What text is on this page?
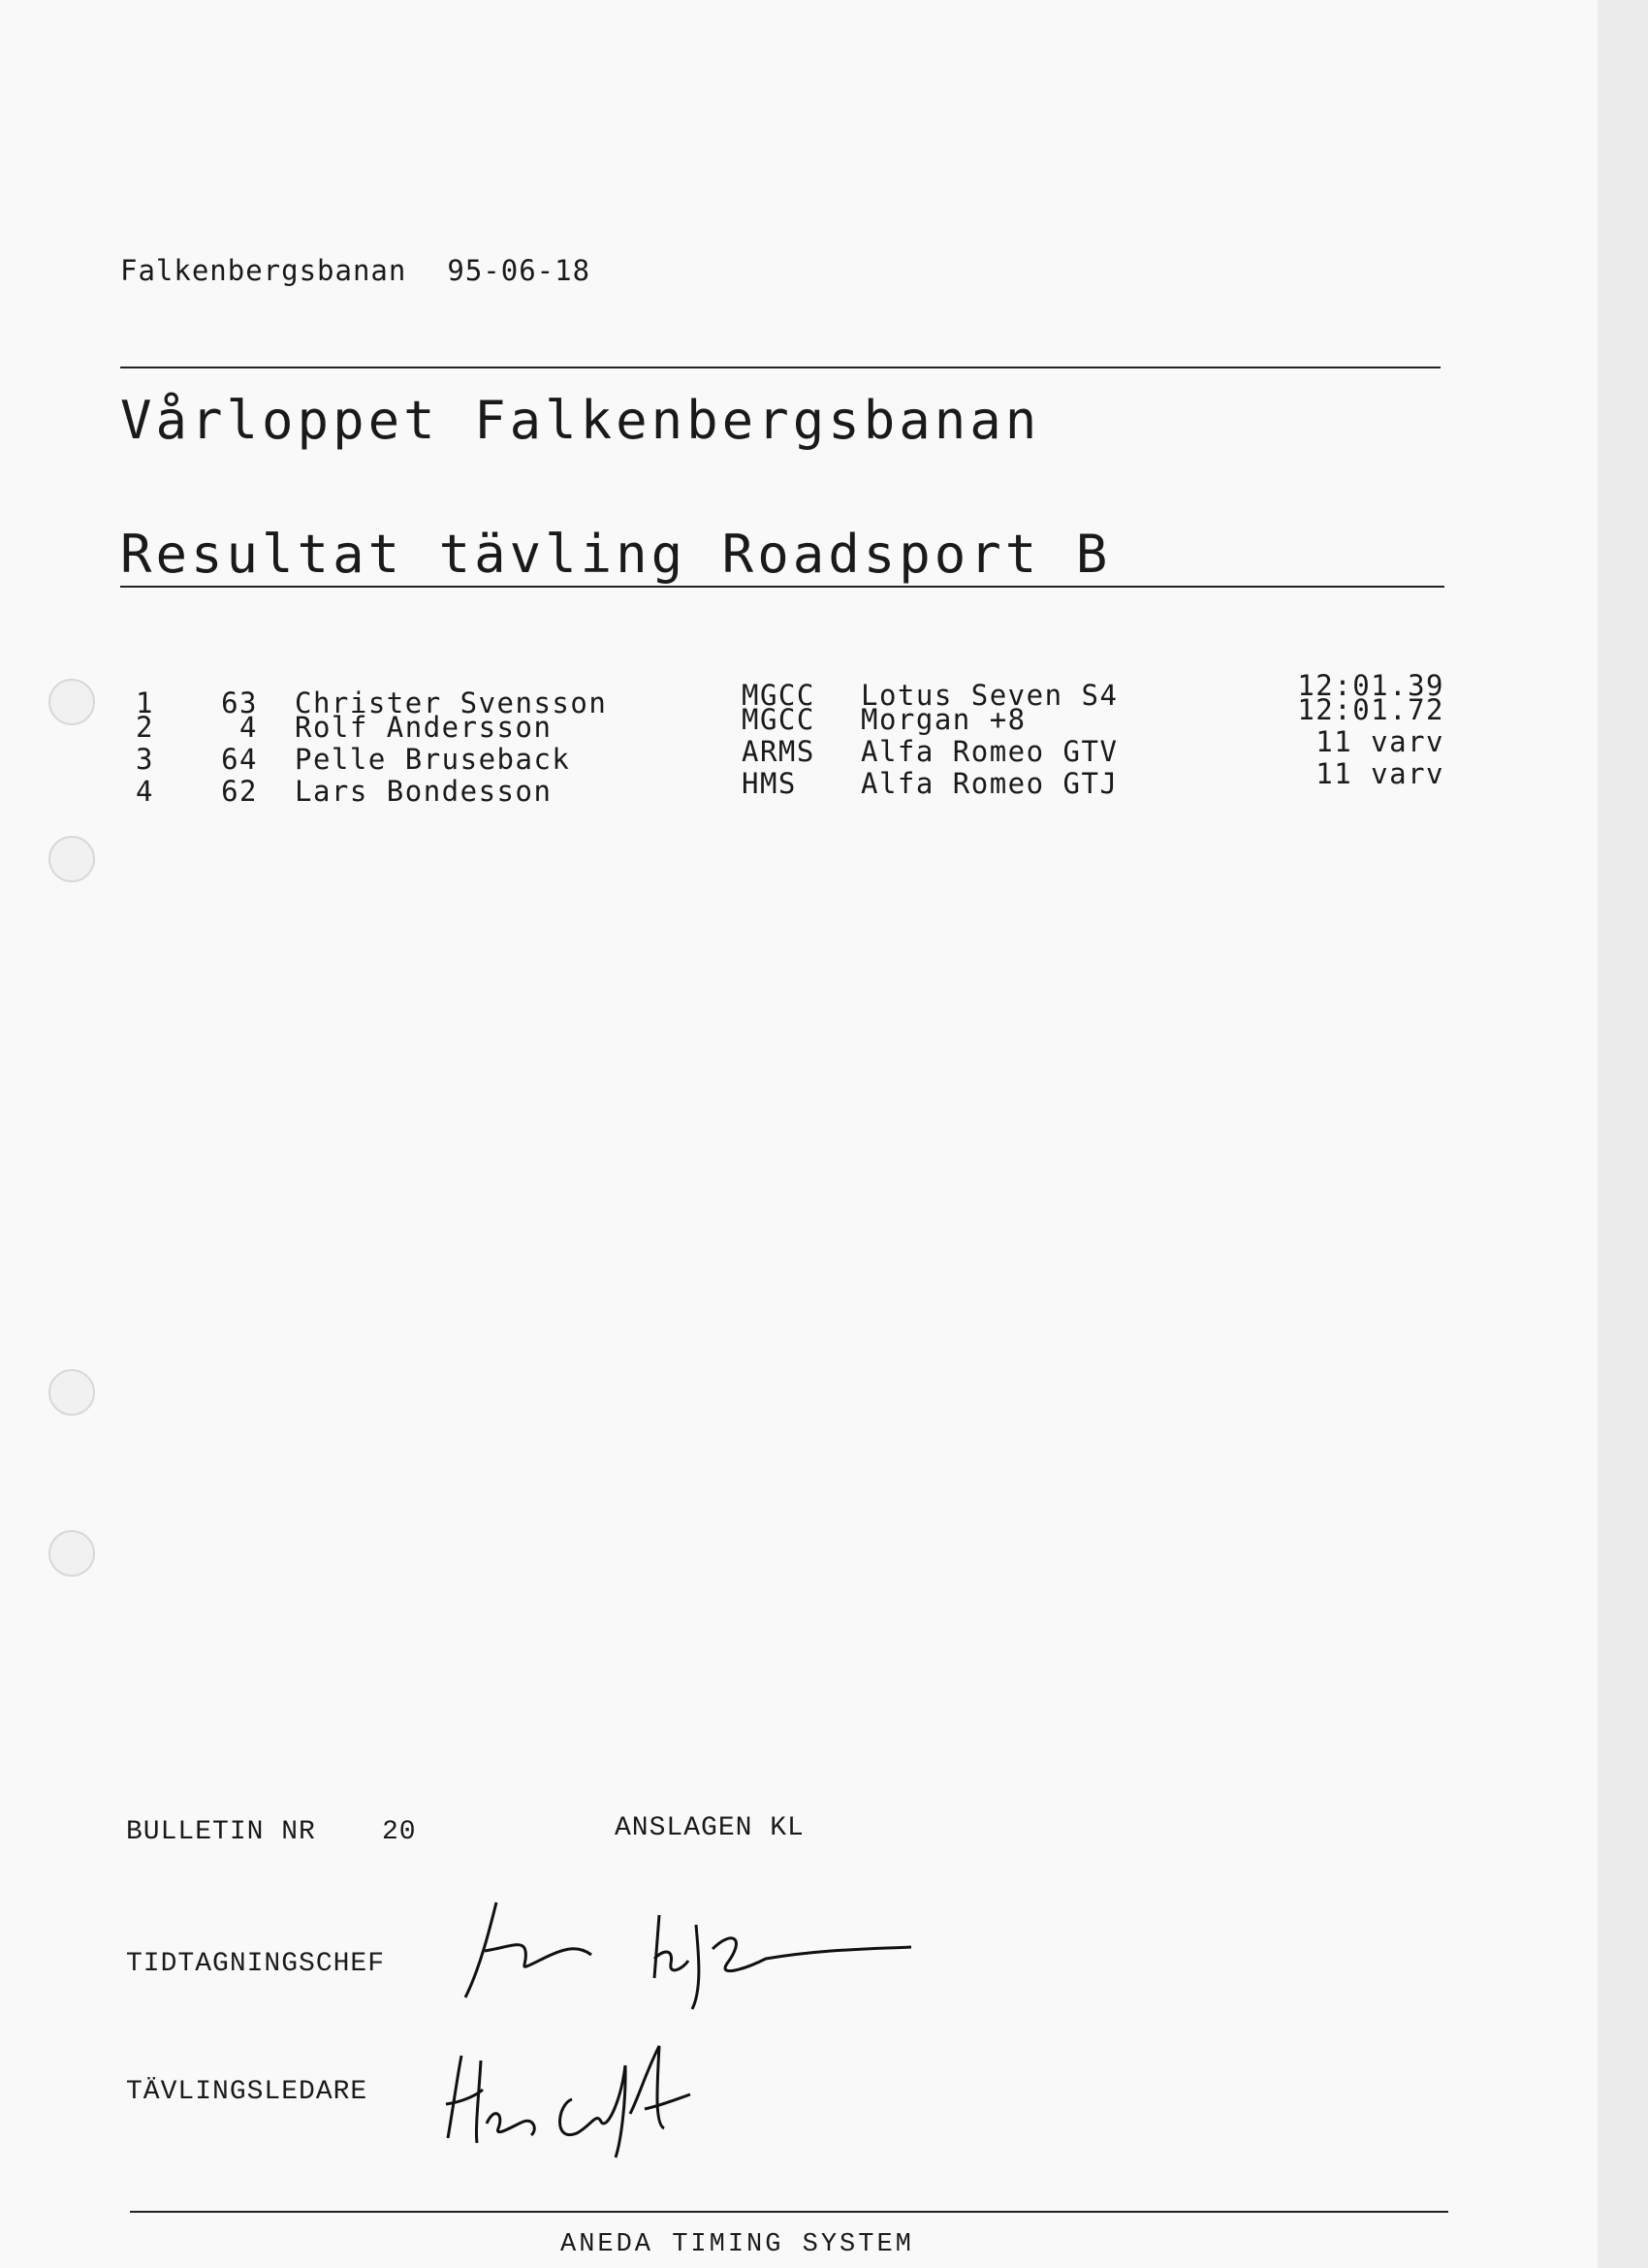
Falkenbergsbanan 95-06-18
Vårloppet Falkenbergsbanan
Resultat tävling Roadsport B
1	63 Christer Svensson	MGCC Lotus Seven S4	12:01.39
2	4 Rolf Andersson	MGCC Morgan +8	12:01.72
3	64 Pelle Bruseback	ARMS Alfa Romeo GTV	11 varv
4	62 Lars Bondesson	HMS Alfa Romeo GTJ	11 varv
BULLETIN NR 20	ANSLAGEN KL
TIDTAGNINGSCHEF
TÄVLINGSLEDARE
ANEDA TIMING SYSTEM
